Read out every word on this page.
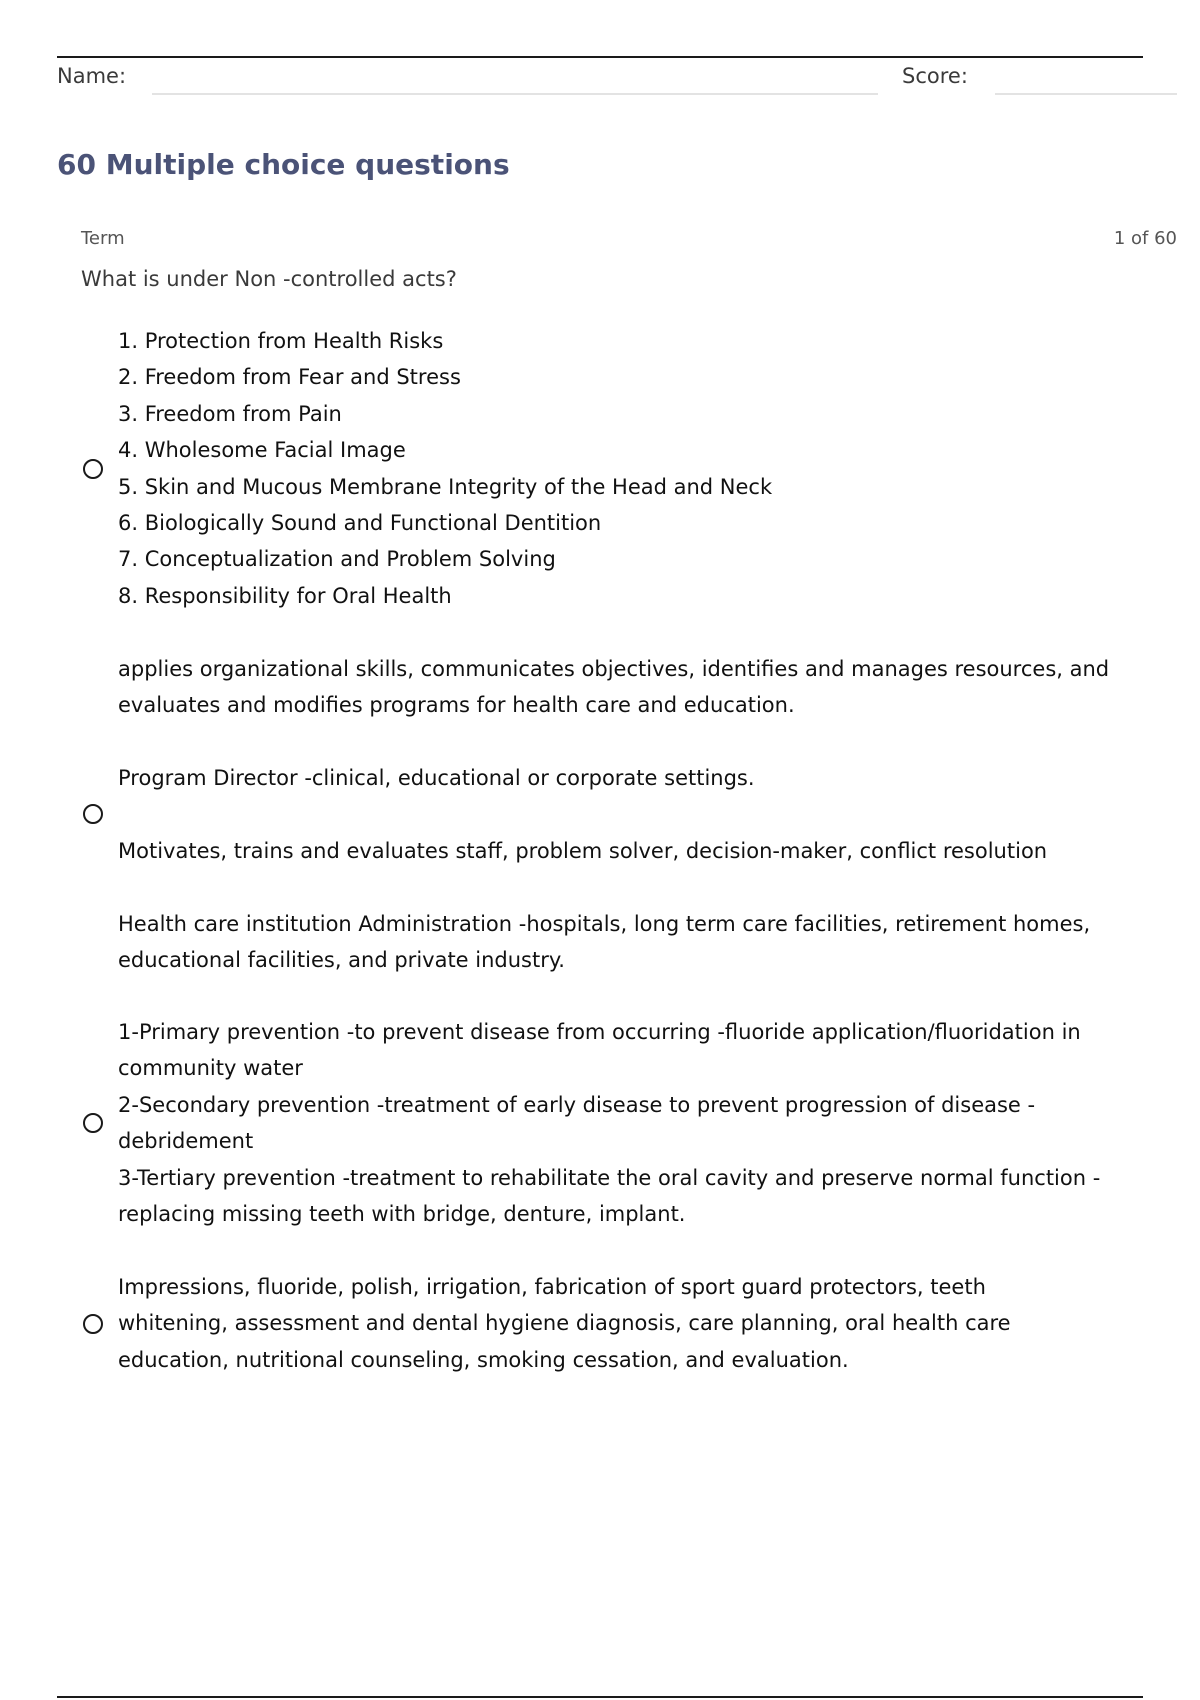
Name:	Score:
60 Multiple choice questions
Term	1 of 60
What is under Non -controlled acts?
1. Protection from Health Risks
2. Freedom from Fear and Stress
3. Freedom from Pain
4. Wholesome Facial Image
5. Skin and Mucous Membrane Integrity of the Head and Neck
6. Biologically Sound and Functional Dentition
7. Conceptualization and Problem Solving
8. Responsibility for Oral Health
applies organizational skills, communicates objectives, identifies and manages resources, and evaluates and modifies programs for health care and education.
Program Director -clinical, educational or corporate settings.
Motivates, trains and evaluates staff, problem solver, decision-maker, conflict resolution
Health care institution Administration -hospitals, long term care facilities, retirement homes, educational facilities, and private industry.
1-Primary prevention -to prevent disease from occurring -fluoride application/fluoridation in community water
2-Secondary prevention -treatment of early disease to prevent progression of disease -debridement
3-Tertiary prevention -treatment to rehabilitate the oral cavity and preserve normal function -replacing missing teeth with bridge, denture, implant.
Impressions, fluoride, polish, irrigation, fabrication of sport guard protectors, teeth whitening, assessment and dental hygiene diagnosis, care planning, oral health care education, nutritional counseling, smoking cessation, and evaluation.
